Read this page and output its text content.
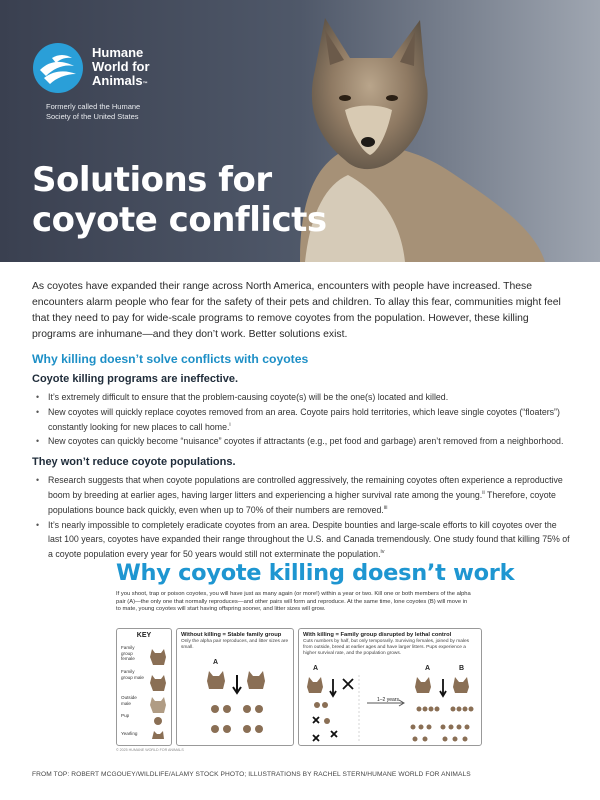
Humane
World for
Animals™
Formerly called the Humane
Society of the United States
Solutions for
coyote conflicts

As coyotes have expanded their range across North America, encounters with people have increased. These encounters alarm people who fear for the safety of their pets and children. To allay this fear, communities might feel that they need to pay for wide-scale programs to remove coyotes from the population. However, these killing programs are inhumane—and they don’t work. Better solutions exist.

Why killing doesn’t solve conflicts with coyotes
Coyote killing programs are ineffective.
• It’s extremely difficult to ensure that the problem-causing coyote(s) will be the one(s) located and killed.
• New coyotes will quickly replace coyotes removed from an area. Coyote pairs hold territories, which leave single coyotes (“floaters”) constantly looking for new places to call home.$^i$
• New coyotes can quickly become “nuisance” coyotes if attractants (e.g., pet food and garbage) aren’t removed from a neighborhood.
They won’t reduce coyote populations.
• Research suggests that when coyote populations are controlled aggressively, the remaining coyotes often experience a reproductive boom by breeding at earlier ages, having larger litters and experiencing a higher survival rate among the young.$^{ii}$ Therefore, coyote populations bounce back quickly, even when up to 70% of their numbers are removed.$^{iii}$
• It’s nearly impossible to completely eradicate coyotes from an area. Despite bounties and large-scale efforts to kill coyotes over the last 100 years, coyotes have expanded their range throughout the U.S. and Canada tremendously. One study found that killing 75% of a coyote population every year for 50 years would still not exterminate the population.$^{iv}$
Why coyote killing doesn’t work
If you shoot, trap or poison coyotes, you will have just as many again (or more!) within a year or two. Kill one or both members of the alpha pair (A)—the only one that normally reproduces—and other pairs will form and reproduce. At the same time, lone coyotes (B) will move in to mate, young coyotes will start having offspring sooner, and litter sizes will grow.
KEY
Family group female
Family group male
Outside male
Pup
Yearling
Without killing = Stable family group
Only the alpha pair reproduces, and litter sizes are small.
A
With killing = Family group disrupted by lethal control
Cuts numbers by half, but only temporarily. Surviving females, joined by males from outside, breed at earlier ages and have larger litters. Pups experience a higher survival rate, and the population grows.
A	A	B
1–2 years
© 2025 HUMANE WORLD FOR ANIMALS
FROM TOP: ROBERT MCGOUEY/WILDLIFE/ALAMY STOCK PHOTO; ILLUSTRATIONS BY RACHEL STERN/HUMANE WORLD FOR ANIMALS
